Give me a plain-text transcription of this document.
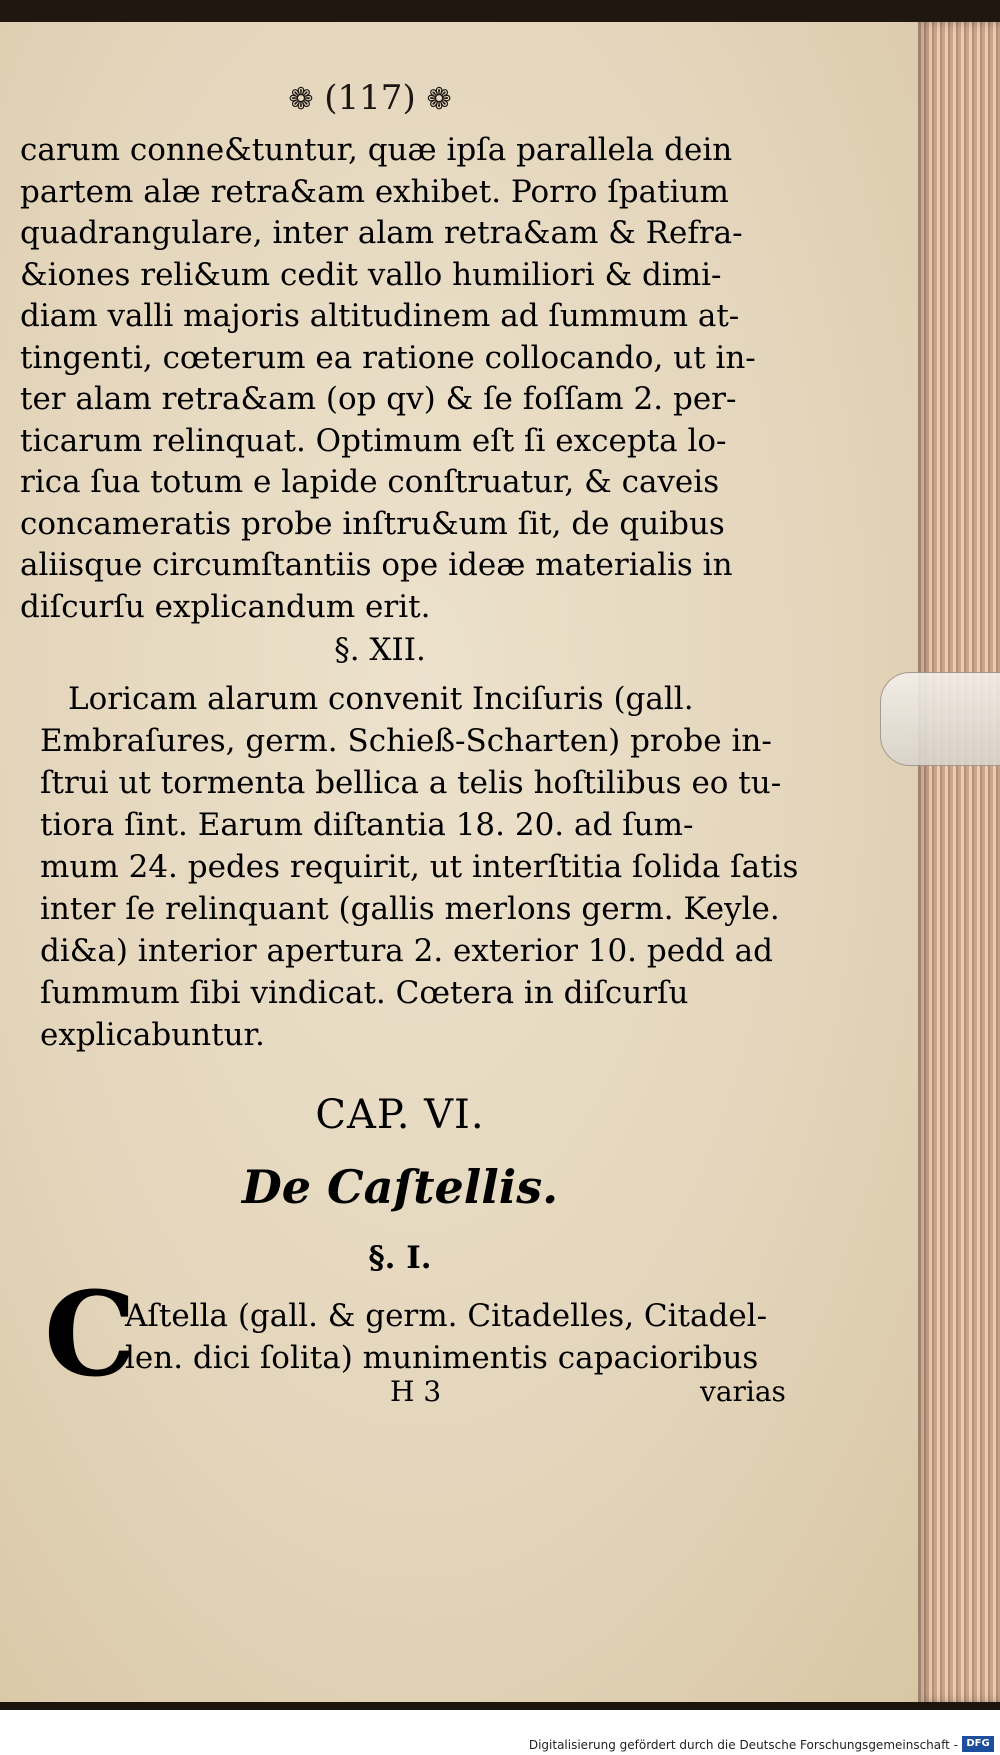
❁ (117) ❁
carum conne&tuntur, quæ ipſa parallela dein
partem alæ retra&am exhibet. Porro ſpatium
quadrangulare, inter alam retra&am & Refra-
&iones reli&um cedit vallo humiliori & dimi-
diam valli majoris altitudinem ad ſummum at-
tingenti, cœterum ea ratione collocando, ut in-
ter alam retra&am (op qv) & ſe foſſam 2. per-
ticarum relinquat. Optimum eſt ſi excepta lo-
rica ſua totum e lapide conſtruatur, & caveis
concameratis probe inſtru&um ſit, de quibus
aliisque circumſtantiis ope ideæ materialis in
diſcurſu explicandum erit.
§. XII.
Loricam alarum convenit Inciſuris (gall.
Embraſures, germ. Schieß-Scharten) probe in-
ſtrui ut tormenta bellica a telis hoſtilibus eo tu-
tiora ſint. Earum diſtantia 18. 20. ad ſum-
mum 24. pedes requirit, ut interſtitia ſolida ſatis
inter ſe relinquant (gallis merlons germ. Keyle.
di&a) interior apertura 2. exterior 10. pedd ad
ſummum ſibi vindicat. Cœtera in diſcurſu
explicabuntur.
CAP. VI.
De Caſtellis.
§. I.
C
Aſtella (gall. & germ. Citadelles, Citadel-
len. dici ſolita) munimentis capacioribus
H 3	varias
Digitalisierung gefördert durch die Deutsche Forschungsgemeinschaft - DFG
